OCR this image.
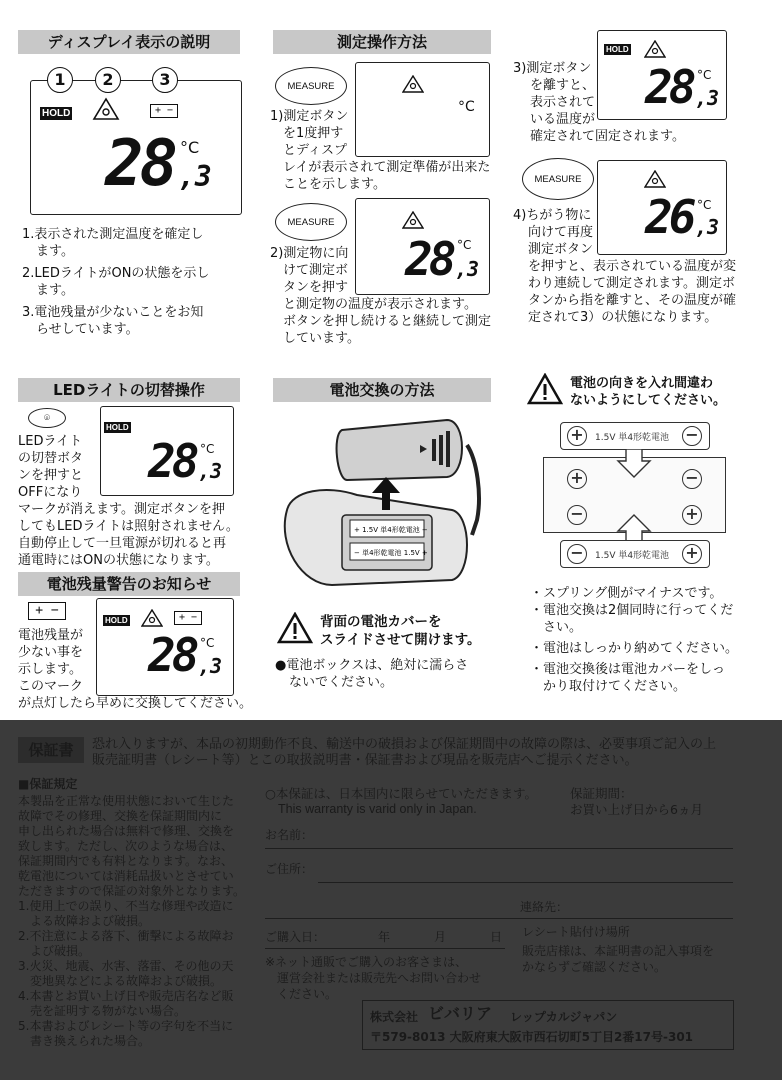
ディスプレイ表示の説明
1	2	3
HOLD	+ −
28 ,3
°C
1.表示された測定温度を確定し
ます。
2.LEDライトがONの状態を示し
ます。
3.電池残量が少ないことをお知
らせしています。
測定操作方法
MEASURE
°C
1)測定ボタン
を1度押す
とディスプ
レイが表示されて測定準備が出来た
ことを示します。
MEASURE
28 ,3
°C
2)測定物に向
けて測定ボ
タンを押す
と測定物の温度が表示されます。
ボタンを押し続けると継続して測定
しています。
3)測定ボタン
を離すと、
表示されて
いる温度が
確定されて固定されます。
HOLD
28 ,3
°C
MEASURE
26 ,3
°C
4)ちがう物に
向けて再度
測定ボタン
を押すと、表示されている温度が変
わり連続して測定されます。測定ボ
タンから指を離すと、その温度が確
定されて3）の状態になります。
LEDライトの切替操作
⌾
HOLD
28 ,3
°C
LEDライト
の切替ボタ
ンを押すと
OFFになり
マークが消えます。測定ボタンを押
してもLEDライトは照射されません。
自動停止して一旦電源が切れると再
通電時にはONの状態になります。
電池残量警告のお知らせ
+ −
HOLD	+ −
28 ,3
°C
電池残量が
少ない事を
示します。
このマーク
が点灯したら早めに交換してください。
電池交換の方法
+ 1.5V 単4形乾電池 −
− 単4形乾電池 1.5V +
背面の電池カバーを
スライドさせて開けます。
●電池ボックスは、絶対に濡らさ
ないでください。
電池の向きを入れ間違わ
ないようにしてください。
+	1.5V 単4形乾電池 −
+	−
−	+
−	1.5V 単4形乾電池 +
・スプリング側がマイナスです。
・電池交換は2個同時に行ってくだ
　さい。
・電池はしっかり納めてください。
・電池交換後は電池カバーをしっ
　かり取付けてください。
保証書	恐れ入りますが、本品の初期動作不良、輸送中の破損および保証期間中の故障の際は、必要事項ご記入の上
販売証明書（レシート等）とこの取扱説明書・保証書および現品を販売店へご提示ください。
■保証規定
本製品を正常な使用状態において生じた
故障でその修理、交換を保証期間内に
申し出られた場合は無料で修理、交換を
致します。ただし、次のような場合は、
保証期間内でも有料となります。なお、
乾電池については消耗品扱いとさせてい
ただきますので保証の対象外となります。
1.使用上での誤り、不当な修理や改造に
　よる故障および破損。
2.不注意による落下、衝撃による故障お
　よび破損。
3.火災、地震、水害、落雷、その他の天
　変地異などによる故障および破損。
4.本書とお買い上げ日や販売店名など販
　売を証明する物がない場合。
5.本書およびレシート等の字句を不当に
　書き換えられた場合。
○本保証は、日本国内に限らせていただきます。
This warranty is varid only in Japan.
保証期間：
お買い上げ日から6ヵ月
お名前：
ご住所：
連絡先：
ご購入日：	年	月	日 レシート貼付け場所
販売店様は、本証明書の記入事項を
かならずご確認ください。
※ネット通販でご購入のお客さまは、
　運営会社または販売先へお問い合わせ
　ください。
株式会社 ビバリア レップカルジャパン
〒579-8013 大阪府東大阪市西石切町5丁目2番17号-301
